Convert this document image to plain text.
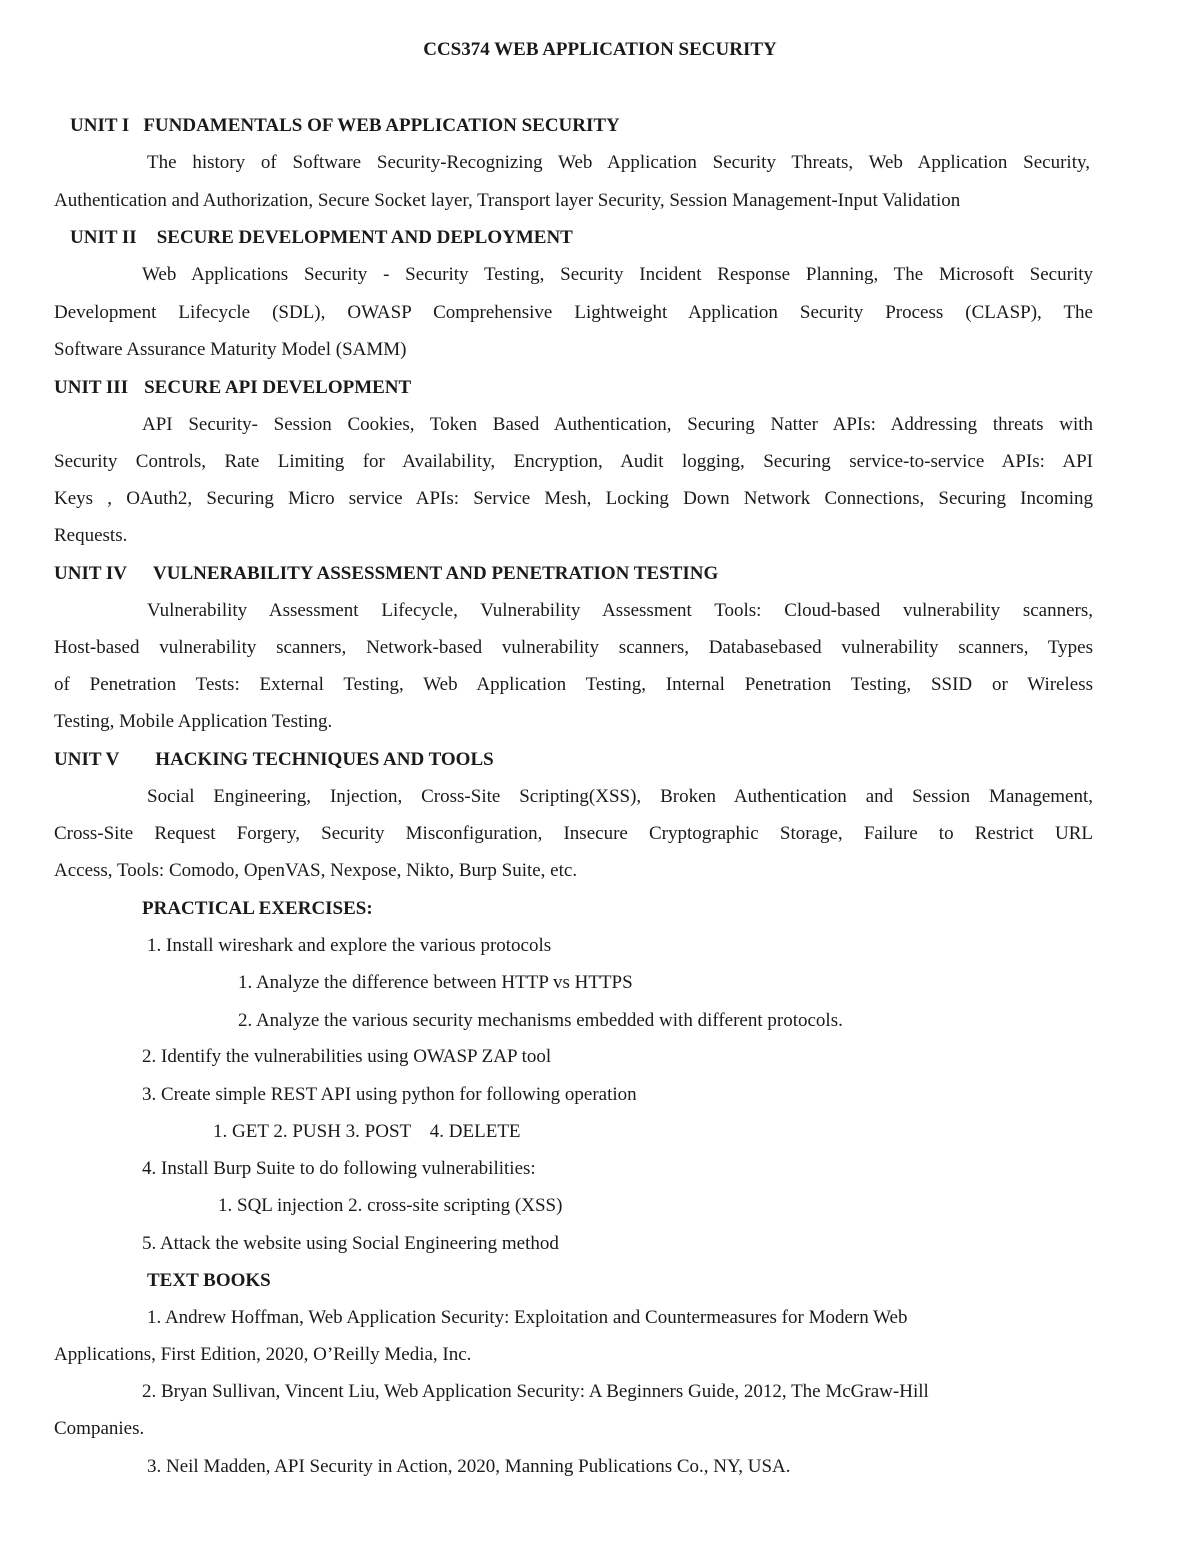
CCS374 WEB APPLICATION SECURITY
UNIT I FUNDAMENTALS OF WEB APPLICATION SECURITY
The history of Software Security-Recognizing Web Application Security Threats, Web Application Security,
Authentication and Authorization, Secure Socket layer, Transport layer Security, Session Management-Input Validation
UNIT II SECURE DEVELOPMENT AND DEPLOYMENT
Web Applications Security - Security Testing, Security Incident Response Planning, The Microsoft Security
Development Lifecycle (SDL), OWASP Comprehensive Lightweight Application Security Process (CLASP), The
Software Assurance Maturity Model (SAMM)
UNIT III SECURE API DEVELOPMENT
API Security- Session Cookies, Token Based Authentication, Securing Natter APIs: Addressing threats with
Security Controls, Rate Limiting for Availability, Encryption, Audit logging, Securing service-to-service APIs: API
Keys , OAuth2, Securing Micro service APIs: Service Mesh, Locking Down Network Connections, Securing Incoming
Requests.
UNIT IV VULNERABILITY ASSESSMENT AND PENETRATION TESTING
Vulnerability Assessment Lifecycle, Vulnerability Assessment Tools: Cloud-based vulnerability scanners,
Host-based vulnerability scanners, Network-based vulnerability scanners, Databasebased vulnerability scanners, Types
of Penetration Tests: External Testing, Web Application Testing, Internal Penetration Testing, SSID or Wireless
Testing, Mobile Application Testing.
UNIT V HACKING TECHNIQUES AND TOOLS
Social Engineering, Injection, Cross-Site Scripting(XSS), Broken Authentication and Session Management,
Cross-Site Request Forgery, Security Misconfiguration, Insecure Cryptographic Storage, Failure to Restrict URL
Access, Tools: Comodo, OpenVAS, Nexpose, Nikto, Burp Suite, etc.
PRACTICAL EXERCISES:
1. Install wireshark and explore the various protocols
1. Analyze the difference between HTTP vs HTTPS
2. Analyze the various security mechanisms embedded with different protocols.
2. Identify the vulnerabilities using OWASP ZAP tool
3. Create simple REST API using python for following operation
1. GET 2. PUSH 3. POST    4. DELETE
4. Install Burp Suite to do following vulnerabilities:
1. SQL injection 2. cross-site scripting (XSS)
5. Attack the website using Social Engineering method
TEXT BOOKS
1. Andrew Hoffman, Web Application Security: Exploitation and Countermeasures for Modern Web
Applications, First Edition, 2020, O’Reilly Media, Inc.
2. Bryan Sullivan, Vincent Liu, Web Application Security: A Beginners Guide, 2012, The McGraw-Hill
Companies.
3. Neil Madden, API Security in Action, 2020, Manning Publications Co., NY, USA.
